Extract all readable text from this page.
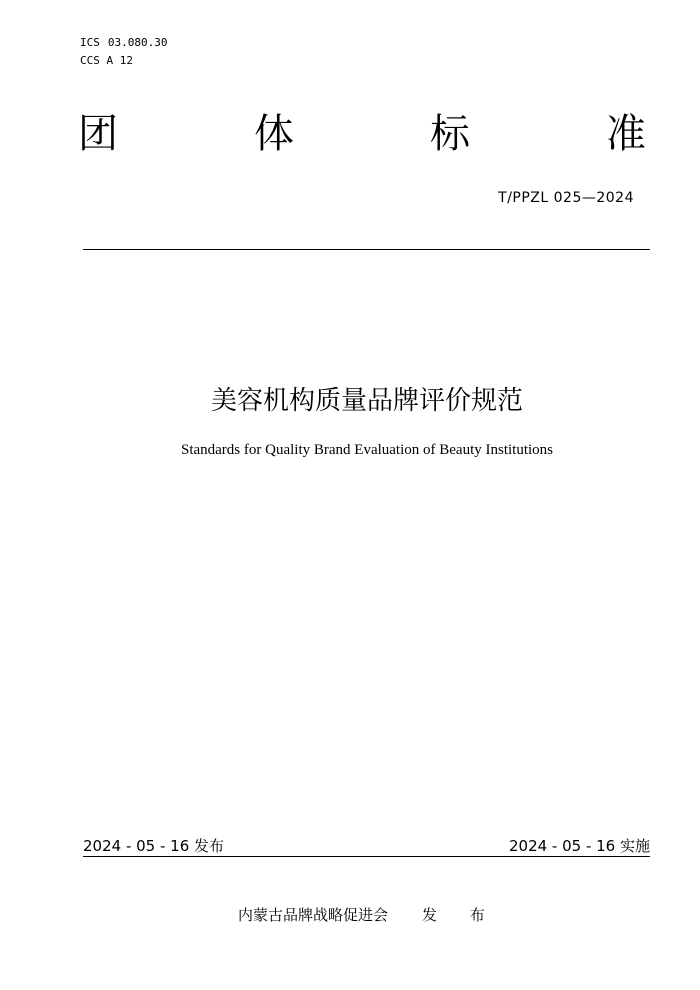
ICS 03.080.30
CCS A 12
团	体	标	准
T/PPZL 025—2024
美容机构质量品牌评价规范
Standards for Quality Brand Evaluation of Beauty Institutions
2024 - 05 - 16 发布	2024 - 05 - 16 实施
内蒙古品牌战略促进会 发 布
